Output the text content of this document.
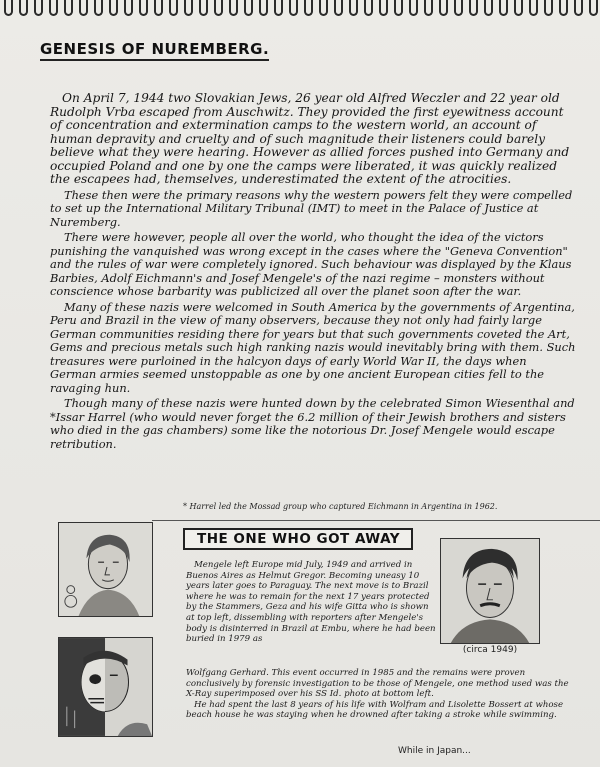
GENESIS OF NUREMBERG.

On April 7, 1944 two Slovakian Jews, 26 year old Alfred Weczler and 22 year old Rudolph Vrba escaped from Auschwitz. They provided the first eyewitness account of concentration and extermination camps to the western world, an account of human depravity and cruelty and of such magnitude their listeners could barely believe what they were hearing. However as allied forces pushed into Germany and occupied Poland and one by one the camps were liberated, it was quickly realized the escapees had, themselves, underestimated the extent of the atrocities.

These then were the primary reasons why the western powers felt they were compelled to set up the International Military Tribunal (IMT) to meet in the Palace of Justice at Nuremberg.

There were however, people all over the world, who thought the idea of the victors punishing the vanquished was wrong except in the cases where the "Geneva Convention" and the rules of war were completely ignored. Such behaviour was displayed by the Klaus Barbies, Adolf Eichmann's and Josef Mengele's of the nazi regime – monsters without conscience whose barbarity was publicized all over the planet soon after the war.

Many of these nazis were welcomed in South America by the governments of Argentina, Peru and Brazil in the view of many observers, because they not only had fairly large German communities residing there for years but that such governments coveted the Art, Gems and precious metals such high ranking nazis would inevitably bring with them. Such treasures were purloined in the halcyon days of early World War II, the days when German armies seemed unstoppable as one by one ancient European cities fell to the ravaging hun.

Though many of these nazis were hunted down by the celebrated Simon Wiesenthal and *Issar Harrel (who would never forget the 6.2 million of their Jewish brothers and sisters who died in the gas chambers) some like the notorious Dr. Josef Mengele would escape retribution.

* Harrel led the Mossad group who captured Eichmann in Argentina in 1962.
THE ONE WHO GOT AWAY
(circa 1949)

Mengele left Europe mid July, 1949 and arrived in Buenos Aires as Helmut Gregor. Becoming uneasy 10 years later goes to Paraguay. The next move is to Brazil where he was to remain for the next 17 years protected by the Stammers, Geza and his wife Gitta who is shown at top left, dissembling with reporters after Mengele's body is disinterred in Brazil at Embu, where he had been buried in 1979 as

Wolfgang Gerhard. This event occurred in 1985 and the remains were proven conclusively by forensic investigation to be those of Mengele, one method used was the X-Ray superimposed over his SS Id. photo at bottom left.

He had spent the last 8 years of his life with Wolfram and Lisolette Bossert at whose beach house he was staying when he drowned after taking a stroke while swimming.

While in Japan...
